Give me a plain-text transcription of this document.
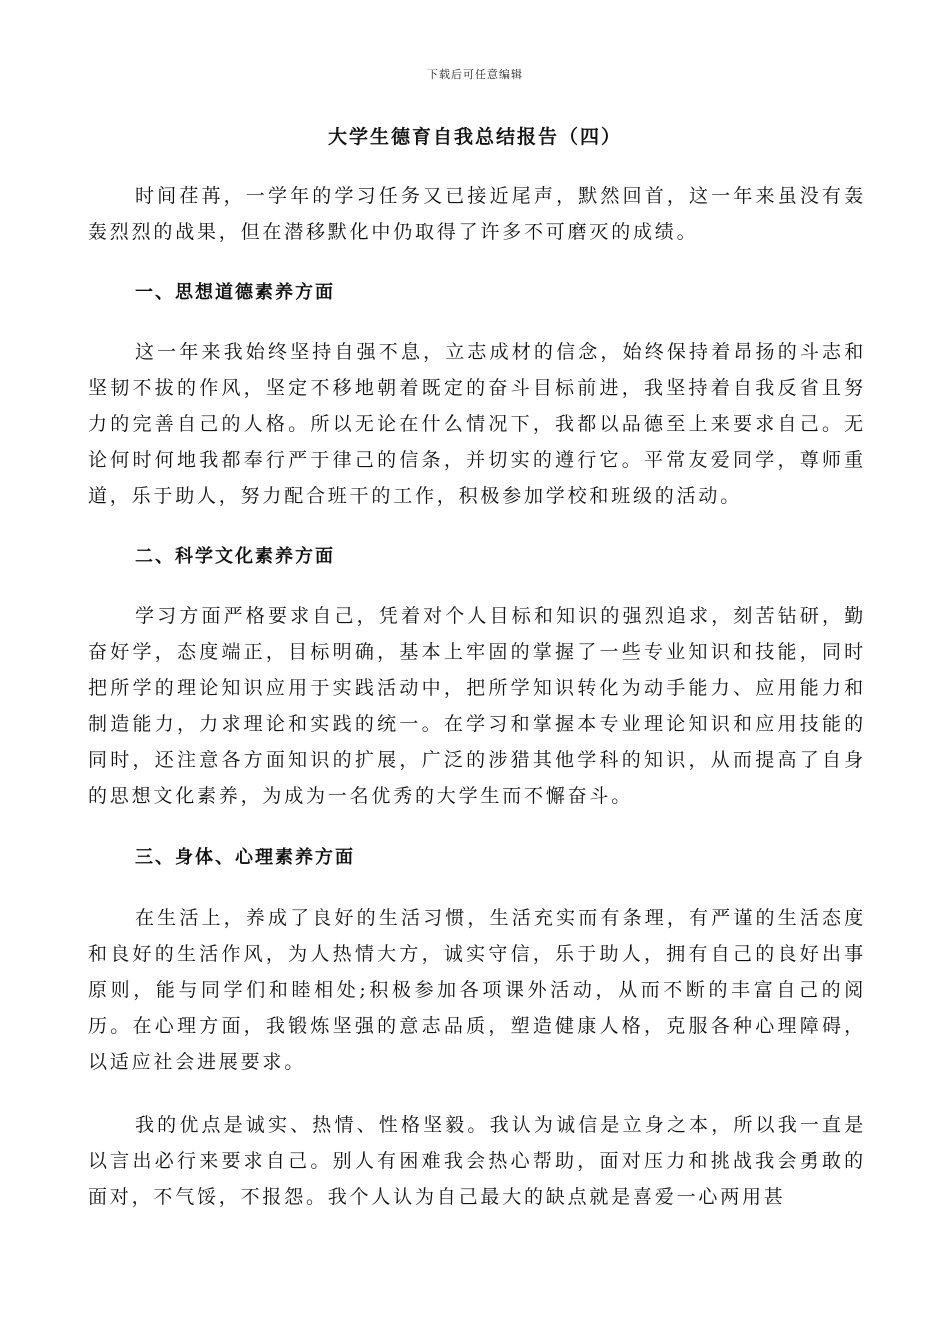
下载后可任意编辑
大学生德育自我总结报告（四）

时间荏苒，一学年的学习任务又已接近尾声，默然回首，这一年来虽没有轰轰烈烈的战果，但在潜移默化中仍取得了许多不可磨灭的成绩。

一、思想道德素养方面

这一年来我始终坚持自强不息，立志成材的信念，始终保持着昂扬的斗志和坚韧不拔的作风，坚定不移地朝着既定的奋斗目标前进，我坚持着自我反省且努力的完善自己的人格。所以无论在什么情况下，我都以品德至上来要求自己。无论何时何地我都奉行严于律己的信条，并切实的遵行它。平常友爱同学，尊师重道，乐于助人，努力配合班干的工作，积极参加学校和班级的活动。

二、科学文化素养方面

学习方面严格要求自己，凭着对个人目标和知识的强烈追求，刻苦钻研，勤奋好学，态度端正，目标明确，基本上牢固的掌握了一些专业知识和技能，同时把所学的理论知识应用于实践活动中，把所学知识转化为动手能力、应用能力和制造能力，力求理论和实践的统一。在学习和掌握本专业理论知识和应用技能的同时，还注意各方面知识的扩展，广泛的涉猎其他学科的知识，从而提高了自身的思想文化素养，为成为一名优秀的大学生而不懈奋斗。

三、身体、心理素养方面

在生活上，养成了良好的生活习惯，生活充实而有条理，有严谨的生活态度和良好的生活作风，为人热情大方，诚实守信，乐于助人，拥有自己的良好出事原则，能与同学们和睦相处;积极参加各项课外活动，从而不断的丰富自己的阅历。在心理方面，我锻炼坚强的意志品质，塑造健康人格，克服各种心理障碍，以适应社会进展要求。

我的优点是诚实、热情、性格坚毅。我认为诚信是立身之本，所以我一直是以言出必行来要求自己。别人有困难我会热心帮助，面对压力和挑战我会勇敢的面对，不气馁，不报怨。我个人认为自己最大的缺点就是喜爱一心两用甚
